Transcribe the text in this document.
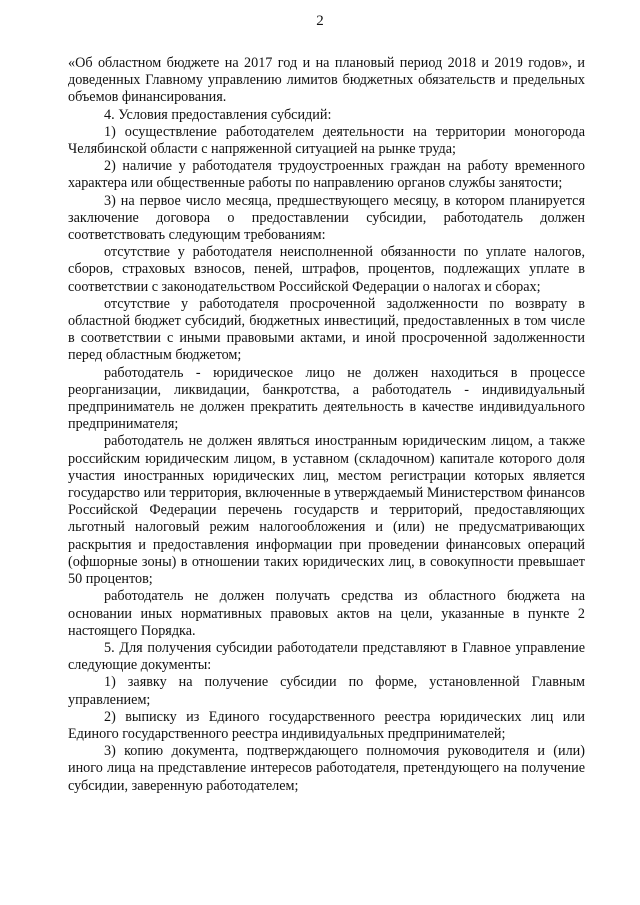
2

«Об областном бюджете на 2017 год и на плановый период 2018 и 2019 годов», и доведенных Главному управлению лимитов бюджетных обязательств и предельных объемов финансирования.

4. Условия предоставления субсидий:

1) осуществление работодателем деятельности на территории моногорода Челябинской области с напряженной ситуацией на рынке труда;

2) наличие у работодателя трудоустроенных граждан на работу временного характера или общественные работы по направлению органов службы занятости;

3) на первое число месяца, предшествующего месяцу, в котором планируется заключение договора о предоставлении субсидии, работодатель должен соответствовать следующим требованиям:

отсутствие у работодателя неисполненной обязанности по уплате налогов, сборов, страховых взносов, пеней, штрафов, процентов, подлежащих уплате в соответствии с законодательством Российской Федерации о налогах и сборах;

отсутствие у работодателя просроченной задолженности по возврату в областной бюджет субсидий, бюджетных инвестиций, предоставленных в том числе в соответствии с иными правовыми актами, и иной просроченной задолженности перед областным бюджетом;

работодатель - юридическое лицо не должен находиться в процессе реорганизации, ликвидации, банкротства, а работодатель - индивидуальный предприниматель не должен прекратить деятельность в качестве индивидуального предпринимателя;

работодатель не должен являться иностранным юридическим лицом, а также российским юридическим лицом, в уставном (складочном) капитале которого доля участия иностранных юридических лиц, местом регистрации которых является государство или территория, включенные в утверждаемый Министерством финансов Российской Федерации перечень государств и территорий, предоставляющих льготный налоговый режим налогообложения и (или) не предусматривающих раскрытия и предоставления информации при проведении финансовых операций (офшорные зоны) в отношении таких юридических лиц, в совокупности превышает 50 процентов;

работодатель не должен получать средства из областного бюджета на основании иных нормативных правовых актов на цели, указанные в пункте 2 настоящего Порядка.

5. Для получения субсидии работодатели представляют в Главное управление следующие документы:

1) заявку на получение субсидии по форме, установленной Главным управлением;

2) выписку из Единого государственного реестра юридических лиц или Единого государственного реестра индивидуальных предпринимателей;

3) копию документа, подтверждающего полномочия руководителя и (или) иного лица на представление интересов работодателя, претендующего на получение субсидии, заверенную работодателем;
